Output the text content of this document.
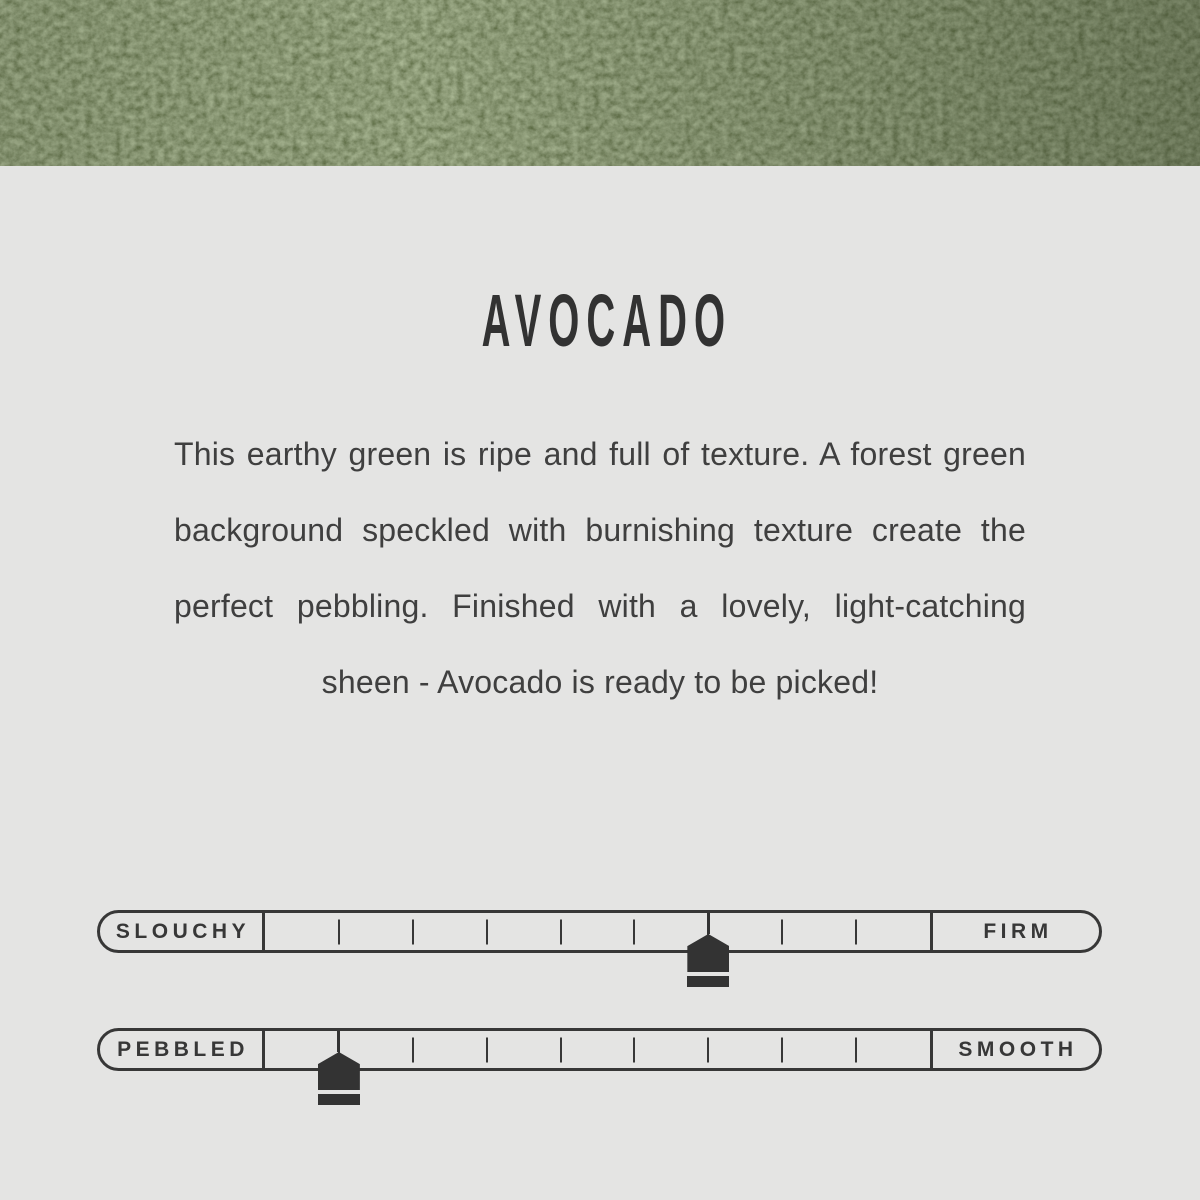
AVOCADO
This earthy green is ripe and full of texture. A forest green
background speckled with burnishing texture create the
perfect pebbling. Finished with a lovely, light-catching
sheen - Avocado is ready to be picked!
SLOUCHY	FIRM
PEBBLED	SMOOTH
